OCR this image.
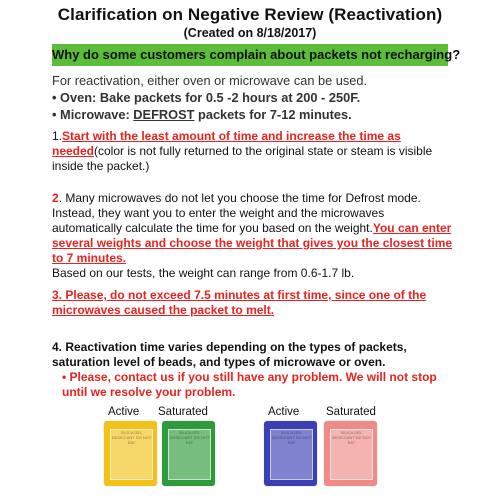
Clarification on Negative Review (Reactivation)
(Created on 8/18/2017)
Why do some customers complain about packets not recharging?
For reactivation, either oven or microwave can be used.
• Oven: Bake packets for 0.5 -2 hours at 200 - 250F.
• Microwave: DEFROST packets for 7-12 minutes.
1.Start with the least amount of time and increase the time as needed(color is not fully returned to the original state or steam is visible inside the packet.)
2. Many microwaves do not let you choose the time for Defrost mode. Instead, they want you to enter the weight and the microwaves automatically calculate the time for you based on the weight.You can enter several weights and choose the weight that gives you the closest time to 7 minutes.
Based on our tests, the weight can range from 0.6-1.7 lb.
3. Please, do not exceed 7.5 minutes at first time, since one of the microwaves caused the packet to melt.
4. Reactivation time varies depending on the types of packets, saturation level of beads, and types of microwave or oven.
• Please, contact us if you still have any problem. We will not stop until we resolve your problem.
Active Saturated	Active Saturated
SILICA GEL DESICCANT DO NOT EAT
SILICA GEL DESICCANT DO NOT EAT
SILICA GEL DESICCANT DO NOT EAT
SILICA GEL DESICCANT DO NOT EAT
